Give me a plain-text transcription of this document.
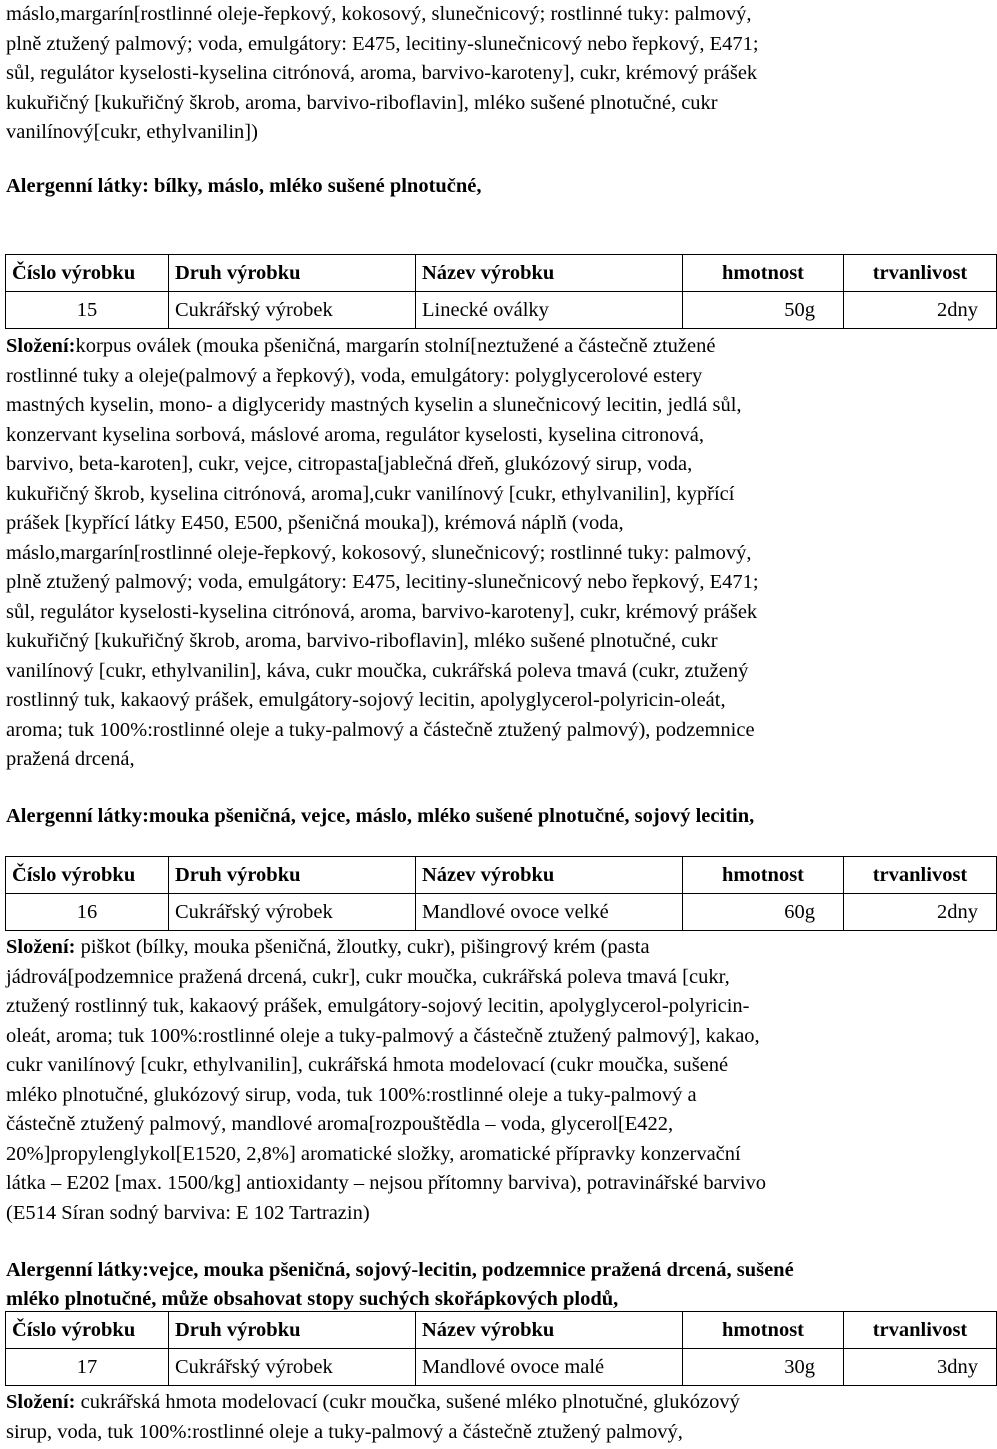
máslo,margarín[rostlinné oleje-řepkový, kokosový, slunečnicový; rostlinné tuky: palmový,
plně ztužený palmový; voda, emulgátory: E475, lecitiny-slunečnicový nebo řepkový, E471;
sůl, regulátor kyselosti-kyselina citrónová, aroma, barvivo-karoteny], cukr, krémový prášek
kukuřičný [kukuřičný škrob, aroma, barvivo-riboflavin], mléko sušené plnotučné, cukr
vanilínový[cukr, ethylvanilin])
Alergenní látky: bílky, máslo, mléko sušené plnotučné,
Číslo výrobku	Druh výrobku	Název výrobku	hmotnost	trvanlivost
15	Cukrářský výrobek	Linecké oválky	50g	2dny
Složení:korpus oválek (mouka pšeničná, margarín stolní[neztužené a částečně ztužené
rostlinné tuky a oleje(palmový a řepkový), voda, emulgátory: polyglycerolové estery
mastných kyselin, mono- a diglyceridy mastných kyselin a slunečnicový lecitin, jedlá sůl,
konzervant kyselina sorbová, máslové aroma, regulátor kyselosti, kyselina citronová,
barvivo, beta-karoten], cukr, vejce, citropasta[jablečná dřeň, glukózový sirup, voda,
kukuřičný škrob, kyselina citrónová, aroma],cukr vanilínový [cukr, ethylvanilin], kypřící
prášek [kypřící látky E450, E500, pšeničná mouka]), krémová náplň (voda,
máslo,margarín[rostlinné oleje-řepkový, kokosový, slunečnicový; rostlinné tuky: palmový,
plně ztužený palmový; voda, emulgátory: E475, lecitiny-slunečnicový nebo řepkový, E471;
sůl, regulátor kyselosti-kyselina citrónová, aroma, barvivo-karoteny], cukr, krémový prášek
kukuřičný [kukuřičný škrob, aroma, barvivo-riboflavin], mléko sušené plnotučné, cukr
vanilínový [cukr, ethylvanilin], káva, cukr moučka, cukrářská poleva tmavá (cukr, ztužený
rostlinný tuk, kakaový prášek, emulgátory-sojový lecitin, apolyglycerol-polyricin-oleát,
aroma; tuk 100%:rostlinné oleje a tuky-palmový a částečně ztužený palmový), podzemnice
pražená drcená,
Alergenní látky:mouka pšeničná, vejce, máslo, mléko sušené plnotučné, sojový lecitin,
Číslo výrobku	Druh výrobku	Název výrobku	hmotnost	trvanlivost
16	Cukrářský výrobek	Mandlové ovoce velké	60g	2dny
Složení: piškot (bílky, mouka pšeničná, žloutky, cukr), pišingrový krém (pasta
jádrová[podzemnice pražená drcená, cukr], cukr moučka, cukrářská poleva tmavá [cukr,
ztužený rostlinný tuk, kakaový prášek, emulgátory-sojový lecitin, apolyglycerol-polyricin-
oleát, aroma; tuk 100%:rostlinné oleje a tuky-palmový a částečně ztužený palmový], kakao,
cukr vanilínový [cukr, ethylvanilin], cukrářská hmota modelovací (cukr moučka, sušené
mléko plnotučné, glukózový sirup, voda, tuk 100%:rostlinné oleje a tuky-palmový a
částečně ztužený palmový, mandlové aroma[rozpouštědla – voda, glycerol[E422,
20%]propylenglykol[E1520, 2,8%] aromatické složky, aromatické přípravky konzervační
látka – E202 [max. 1500/kg] antioxidanty – nejsou přítomny barviva), potravinářské barvivo
(E514 Síran sodný barviva: E 102 Tartrazin)
Alergenní látky:vejce, mouka pšeničná, sojový-lecitin, podzemnice pražená drcená, sušené
mléko plnotučné, může obsahovat stopy suchých skořápkových plodů,
Číslo výrobku	Druh výrobku	Název výrobku	hmotnost	trvanlivost
17	Cukrářský výrobek	Mandlové ovoce malé	30g	3dny
Složení: cukrářská hmota modelovací (cukr moučka, sušené mléko plnotučné, glukózový
sirup, voda, tuk 100%:rostlinné oleje a tuky-palmový a částečně ztužený palmový,
